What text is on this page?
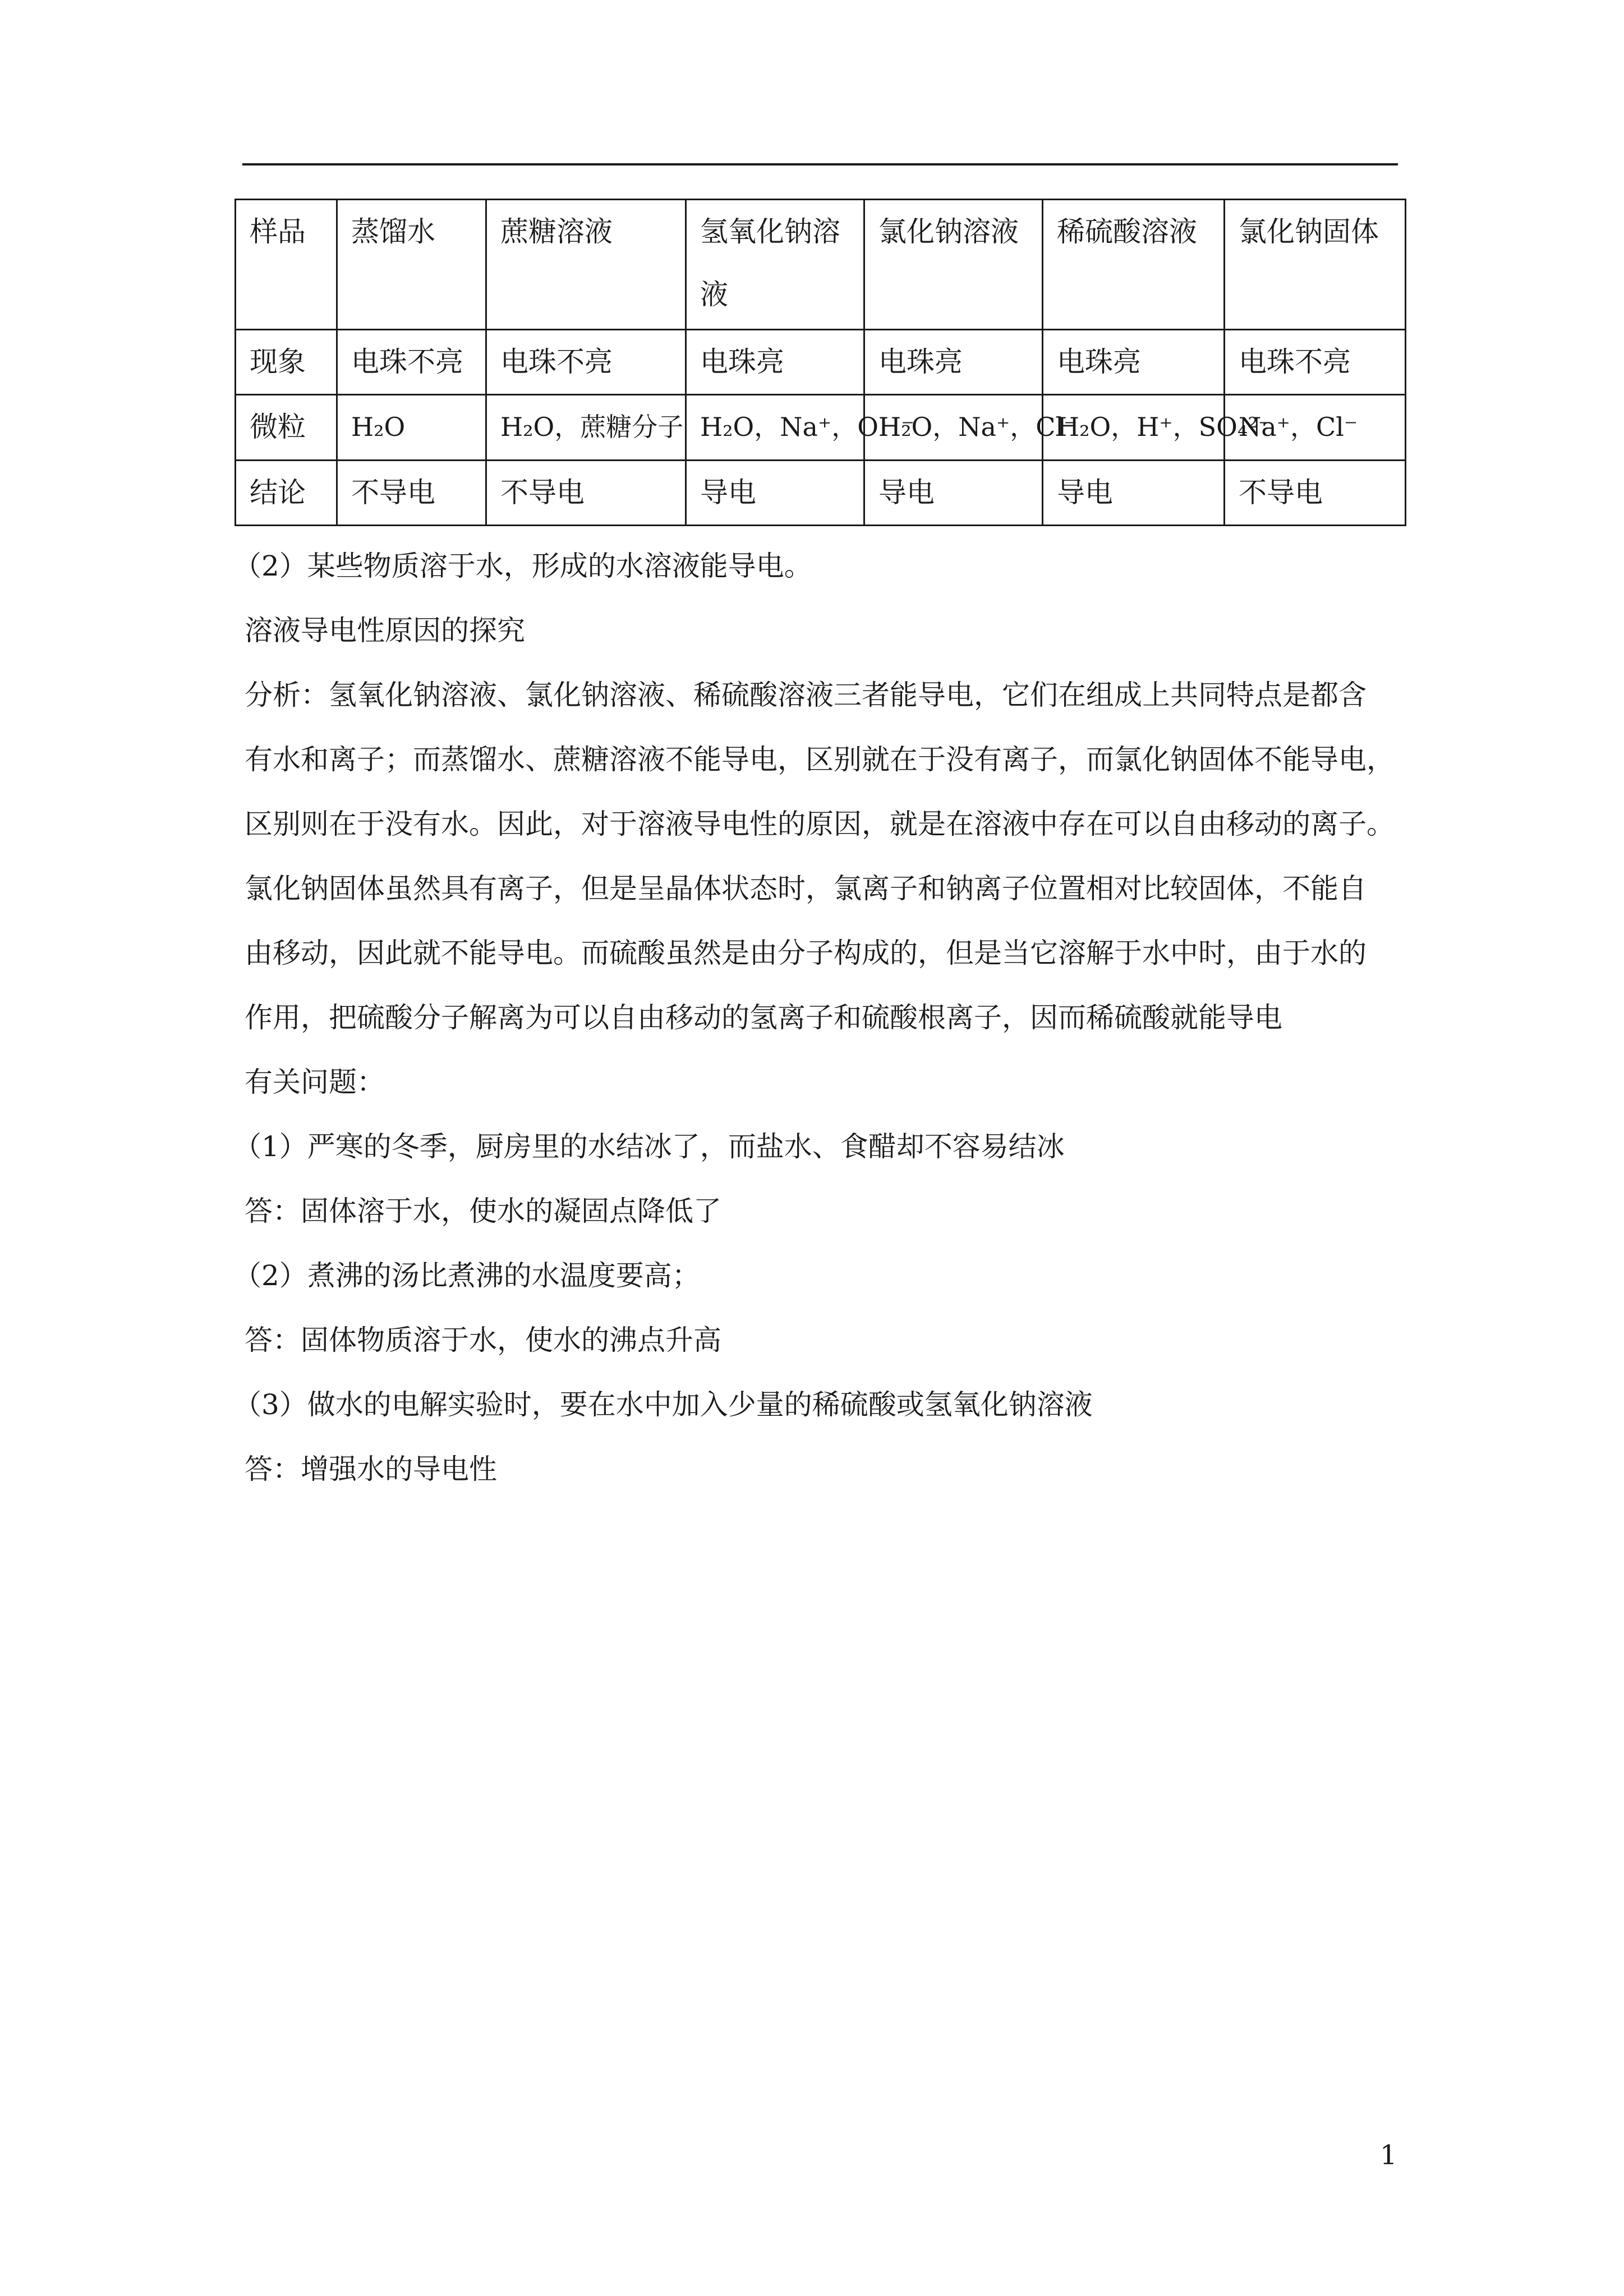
样品	蒸馏水	蔗糖溶液	氢氧化钠溶液	氯化钠溶液	稀硫酸溶液	氯化钠固体
现象	电珠不亮	电珠不亮	电珠亮	电珠亮	电珠亮	电珠不亮
微粒	H₂O	H₂O，蔗糖分子	H₂O，Na⁺，OH⁻	H₂O，Na⁺，Cl⁻	H₂O，H⁺，SO₄²⁻	Na⁺，Cl⁻
结论	不导电	不导电	导电	导电	导电	不导电
（2）某些物质溶于水，形成的水溶液能导电。
溶液导电性原因的探究
分析：氢氧化钠溶液、氯化钠溶液、稀硫酸溶液三者能导电，它们在组成上共同特点是都含
有水和离子；而蒸馏水、蔗糖溶液不能导电，区别就在于没有离子，而氯化钠固体不能导电，
区别则在于没有水。因此，对于溶液导电性的原因，就是在溶液中存在可以自由移动的离子。
氯化钠固体虽然具有离子，但是呈晶体状态时，氯离子和钠离子位置相对比较固体，不能自
由移动，因此就不能导电。而硫酸虽然是由分子构成的，但是当它溶解于水中时，由于水的
作用，把硫酸分子解离为可以自由移动的氢离子和硫酸根离子，因而稀硫酸就能导电
有关问题：
（1）严寒的冬季，厨房里的水结冰了，而盐水、食醋却不容易结冰
答：固体溶于水，使水的凝固点降低了
（2）煮沸的汤比煮沸的水温度要高；
答：固体物质溶于水，使水的沸点升高
（3）做水的电解实验时，要在水中加入少量的稀硫酸或氢氧化钠溶液
答：增强水的导电性
1
